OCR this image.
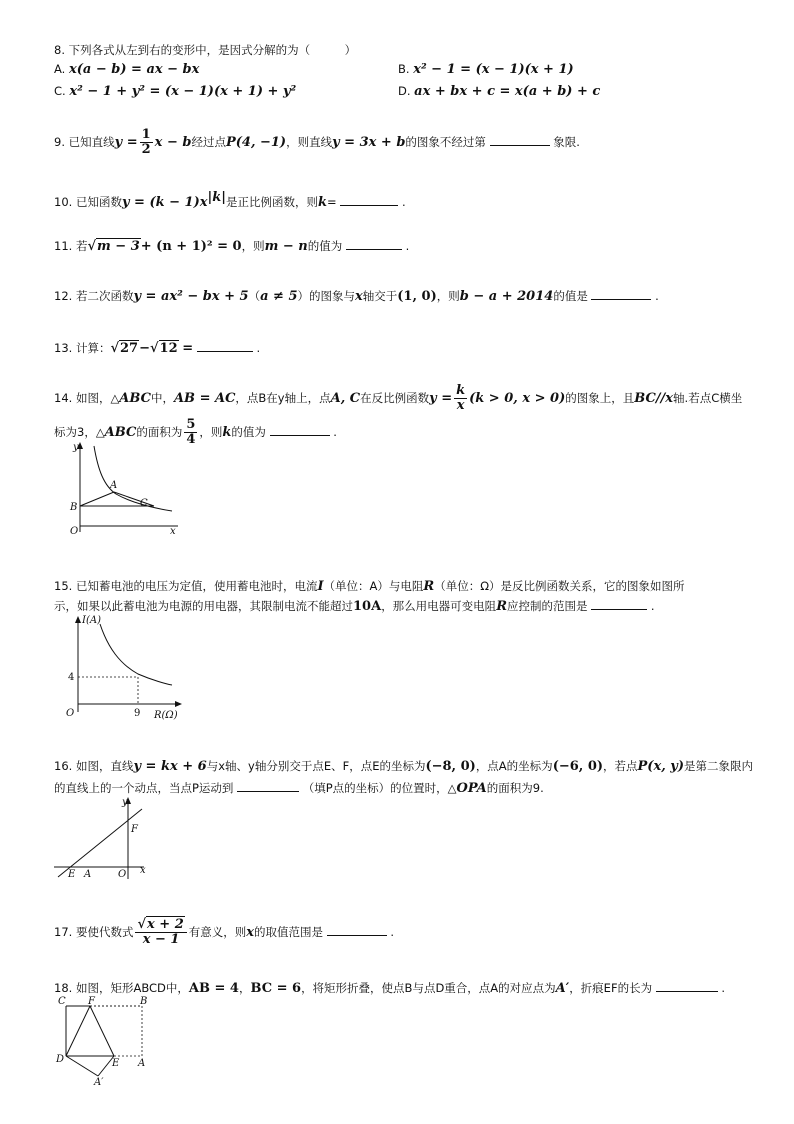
8. 下列各式从左到右的变形中，是因式分解的为（　　　）
A. x(a − b) = ax − bx	B. x² − 1 = (x − 1)(x + 1)
C. x² − 1 + y² = (x − 1)(x + 1) + y²	D. ax + bx + c = x(a + b) + c
9. 已知直线$y = \frac{1}{2}$ x − b经过点P(4, −1)，则直线y = 3x + b的图象不经过第	象限.
10. 已知函数$y = (k - 1)x^{|k|}$是正比例函数，则k=	.
11. 若√m − 3+ (n + 1)² = 0，则m − n的值为	.
12. 若二次函数y = ax² − bx + 5（a ≠ 5）的图象与x轴交于(1, 0)，则b − a + 2014的值是	.
13. 计算：√27−√12 =	.
14. 如图，△ABC中，AB = AC，点B在y轴上，点A, C在反比例函数$y = \frac{k}{x} (k > 0$, x > 0)的图象上，且BC//x轴.若点C横坐
标为3，△ABC的面积为 $\frac{5}{4}$ ，则k的值为	.
y
x
O
A
B	C
15. 已知蓄电池的电压为定值，使用蓄电池时，电流I（单位：A）与电阻R（单位：Ω）是反比例函数关系，它的图象如图所
示，如果以此蓄电池为电源的用电器，其限制电流不能超过10A，那么用电器可变电阻R应控制的范围是	.
I(A)
R(Ω)
O
4
9
16. 如图，直线y = kx + 6与x轴、y轴分别交于点E、F，点E的坐标为(−8, 0)，点A的坐标为(−6, 0)，若点P(x, y)是第二象限内
的直线上的一个动点，当点P运动到	（填P点的坐标）的位置时，△OPA的面积为9.
y
x
O
E A
F
17. 要使代数式 $\frac{√x + 2}{x - 1}$ 有意义，则x的取值范围是	.
18. 如图，矩形ABCD中，AB = 4，BC = 6，将矩形折叠，使点B与点D重合，点A的对应点为A′，折痕EF的长为	.
C F	B
D	E A
A′
